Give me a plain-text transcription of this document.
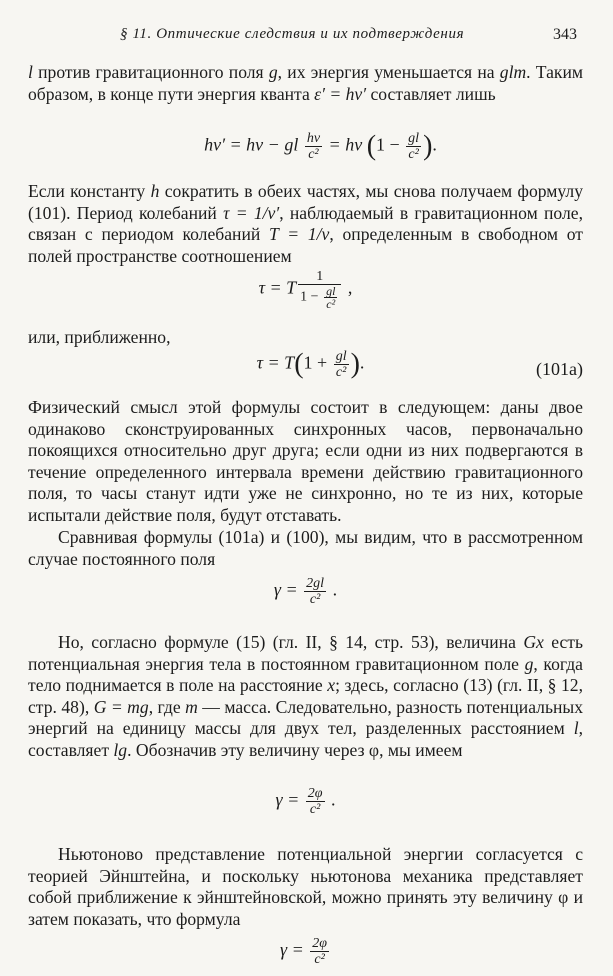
§ 11. Оптические следствия и их подтверждения	343

l против гравитационного поля g, их энергия уменьшается на glm. Таким образом, в конце пути энергия кванта ε′ = hν′ составляет лишь

hν′ = hν − gl $\frac{h\nu}{\text{c²}} = h\nu$ ($1 - \frac{gl}{\text{c²}}$ ).

Если константу h сократить в обеих частях, мы снова получаем формулу (101). Период колебаний τ = 1/ν′, наблюдаемый в гравитационном поле, связан с периодом колебаний T = 1/ν, определенным в свободном от полей пространстве соотношением

τ = T $\frac{1}{1 - \frac{gl}{\text{c²}}}$ ,

или, приближенно,

$\tau = T(1 + \frac{gl}{\text{c²}}$ ).	(101а)

Физический смысл этой формулы состоит в следующем: даны двое одинаково сконструированных синхронных часов, первоначально покоящихся относительно друг друга; если одни из них подвергаются в течение определенного интервала времени действию гравитационного поля, то часы станут идти уже не синхронно, но те из них, которые испытали действие поля, будут отставать.

Сравнивая формулы (101а) и (100), мы видим, что в рассмотренном случае постоянного поля

$\gamma = \frac{2gl}{\text{c²}}$ .

Но, согласно формуле (15) (гл. II, § 14, стр. 53), величина Gx есть потенциальная энергия тела в постоянном гравитационном поле g, когда тело поднимается в поле на расстояние x; здесь, согласно (13) (гл. II, § 12, стр. 48), G = mg, где m — масса. Следовательно, разность потенциальных энергий на единицу массы для двух тел, разделенных расстоянием l, составляет lg. Обозначив эту величину через φ, мы имеем

$\gamma = \frac{2\varphi}{\text{c²}}$ .

Ньютоново представление потенциальной энергии согласуется с теорией Эйнштейна, и поскольку ньютонова механика представляет собой приближение к эйнштейновской, можно принять эту величину φ и затем показать, что формула

$\gamma = \frac{2\varphi}{\text{c²}}$
